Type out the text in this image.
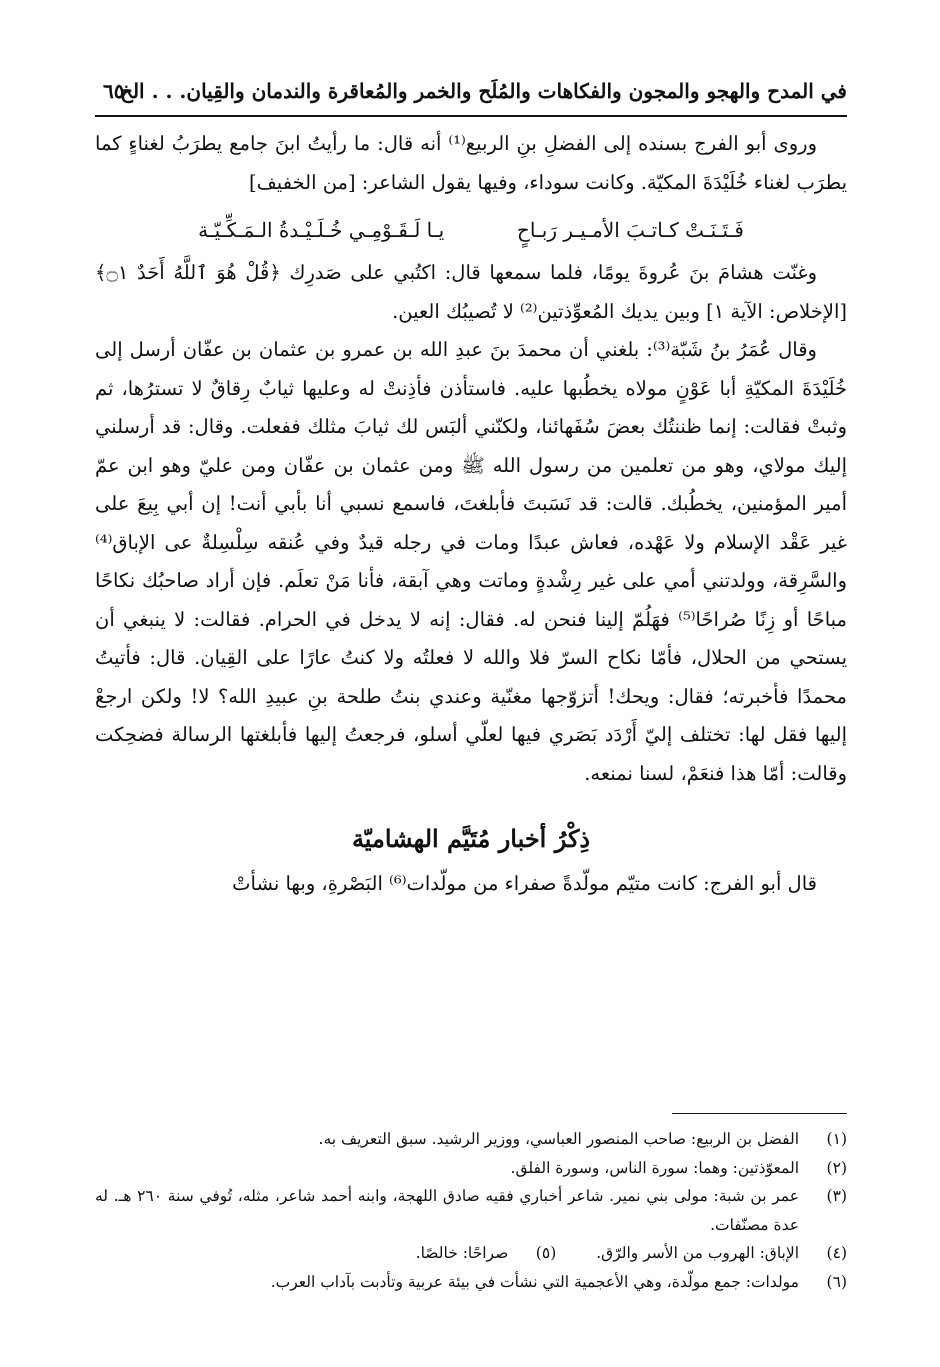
في المدح والهجو والمجون والفكاهات والمُلَح والخمر والمُعاقرة والندمان والقِيان. . . الخ
٦٥

وروى أبو الفرج بسنده إلى الفضلِ بنِ الربيع⁽¹⁾ أنه قال: ما رأيتُ ابنَ جامع يطرَبُ لغناءٍ كما يطرَب لغناء خُلَيْدَةَ المكيّة. وكانت سوداء، وفيها يقول الشاعر: [من الخفيف]

فَـتَـنَـتْ كـاتـبَ الأمـيـر رَبـاحٍ  يـا لَـقَـوْمِـي خُـلَـيْـدةُ الـمَـكِّـيّـة

وغنّت هشامَ بنَ عُروةَ يومًا، فلما سمعها قال: اكتُبي على صَدرِك ﴿قُلْ هُوَ ٱللَّهُ أَحَدٌ ۝١﴾ [الإخلاص: الآية ١] وبين يديك المُعوِّذتين⁽²⁾ لا تُصيبُك العين.

وقال عُمَرُ بنُ شَبّة⁽³⁾: بلغني أن محمدَ بنَ عبدِ الله بن عمرو بن عثمان بن عفّان أرسل إلى خُلَيْدَةَ المكيّةِ أبا عَوْنٍ مولاه يخطُبها عليه. فاستأذن فأذِنتْ له وعليها ثيابٌ رِقاقٌ لا تسترُها، ثم وثبتْ فقالت: إنما ظننتُك بعضَ سُفَهائنا، ولكنّني ألبَس لك ثيابَ مثلك ففعلت. وقال: قد أرسلني إليك مولاي، وهو من تعلمين من رسول الله ﷺ ومن عثمان بن عفّان ومن عليّ وهو ابن عمّ أمير المؤمنين، يخطُبك. قالت: قد نَسَبتَ فأبلغتَ، فاسمع نسبي أنا بأبي أنت! إن أبي بِيعَ على غير عَقْد الإسلام ولا عَهْده، فعاش عبدًا ومات في رجله قيدٌ وفي عُنقه سِلْسِلةٌ عى الإباق⁽⁴⁾ والسَّرِقة، وولدتني أمي على غير رِشْدةٍ وماتت وهي آبقة، فأنا مَنْ تعلَم. فإن أراد صاحبُك نكاحًا مباحًا أو زِنًا صُراحًا⁽⁵⁾ فهَلُمّ إلينا فنحن له. فقال: إنه لا يدخل في الحرام. فقالت: لا ينبغي أن يستحي من الحلال، فأمّا نكاح السرّ فلا والله لا فعلتُه ولا كنتُ عارًا على القِيان. قال: فأتيتُ محمدًا فأخبرته؛ فقال: ويحك! أتزوّجها مغنّية وعندي بنتُ طلحة بنِ عبيدِ الله؟ لا! ولكن ارجعْ إليها فقل لها: تختلف إليّ أَرْدَد بَصَري فيها لعلّي أسلو، فرجعتُ إليها فأبلغتها الرسالة فضحِكت وقالت: أمّا هذا فنعَمْ، لسنا نمنعه.

ذِكْرُ أخبار مُتَيَّم الهشاميّة

قال أبو الفرج: كانت متيّم مولّدةً صفراء من مولّدات⁽⁶⁾ البَصْرةِ، وبها نشأتْ

(١)
الفضل بن الربيع: صاحب المنصور العباسي، ووزير الرشيد. سبق التعريف به.
(٢)
المعوّذتين: وهما: سورة الناس، وسورة الفلق.
(٣)
عمر بن شبة: مولى بني نمير. شاعر أخباري فقيه صادق اللهجة، وابنه أحمد شاعر، مثله، تُوفي سنة ٢٦٠ هـ. له عدة مصنّفات.
(٤)
الإباق: الهروب من الأسر والرّق.
(٥)
صراحًا: خالصًا.
(٦)
مولدات: جمع مولّدة، وهي الأعجمية التي نشأت في بيئة عربية وتأدبت بآداب العرب.
